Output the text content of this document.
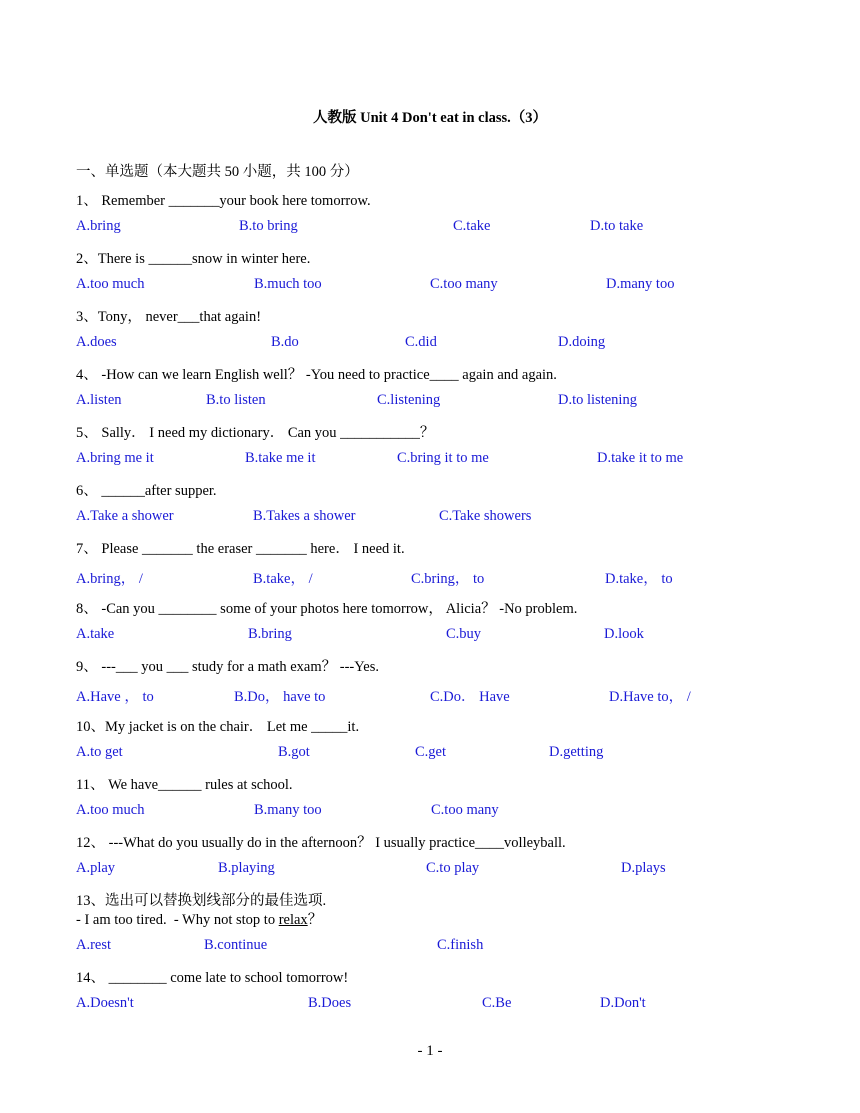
人教版 Unit 4 Don't eat in class.（3）
一、单选题（本大题共 50 小题，共 100 分）
1、 Remember _______your book here tomorrow.
A.bring	B.to bring	C.take	D.to take
2、There is ______snow in winter here.
A.too much	B.much too	C.too many	D.many too
3、Tony， never___that again!
A.does	B.do	C.did	D.doing
4、 -How can we learn English well？ -You need to practice____ again and again.
A.listen	B.to listen	C.listening	D.to listening
5、 Sally． I need my dictionary． Can you ___________？
A.bring me it	B.take me it	C.bring it to me	D.take it to me
6、 ______after supper.
A.Take a shower	B.Takes a shower	C.Take showers
7、 Please _______ the eraser _______ here． I need it.
A.bring， /	B.take， /	C.bring， to	D.take， to
8、 -Can you ________ some of your photos here tomorrow， Alicia？ -No problem.
A.take	B.bring	C.buy	D.look
9、 ---___ you ___ study for a math exam？ ---Yes.
A.Have ， to	B.Do， have to	C.Do． Have	D.Have to， /
10、My jacket is on the chair． Let me _____it.
A.to get	B.got	C.get	D.getting
11、 We have______ rules at school.
A.too much	B.many too	C.too many
12、 ---What do you usually do in the afternoon？ I usually practice____volleyball.
A.play	B.playing	C.to play	D.plays
13、选出可以替换划线部分的最佳选项.
- I am too tired.  - Why not stop to relax？
A.rest	B.continue	C.finish
14、 ________ come late to school tomorrow!
A.Doesn't	B.Does	C.Be	D.Don't
- 1 -
